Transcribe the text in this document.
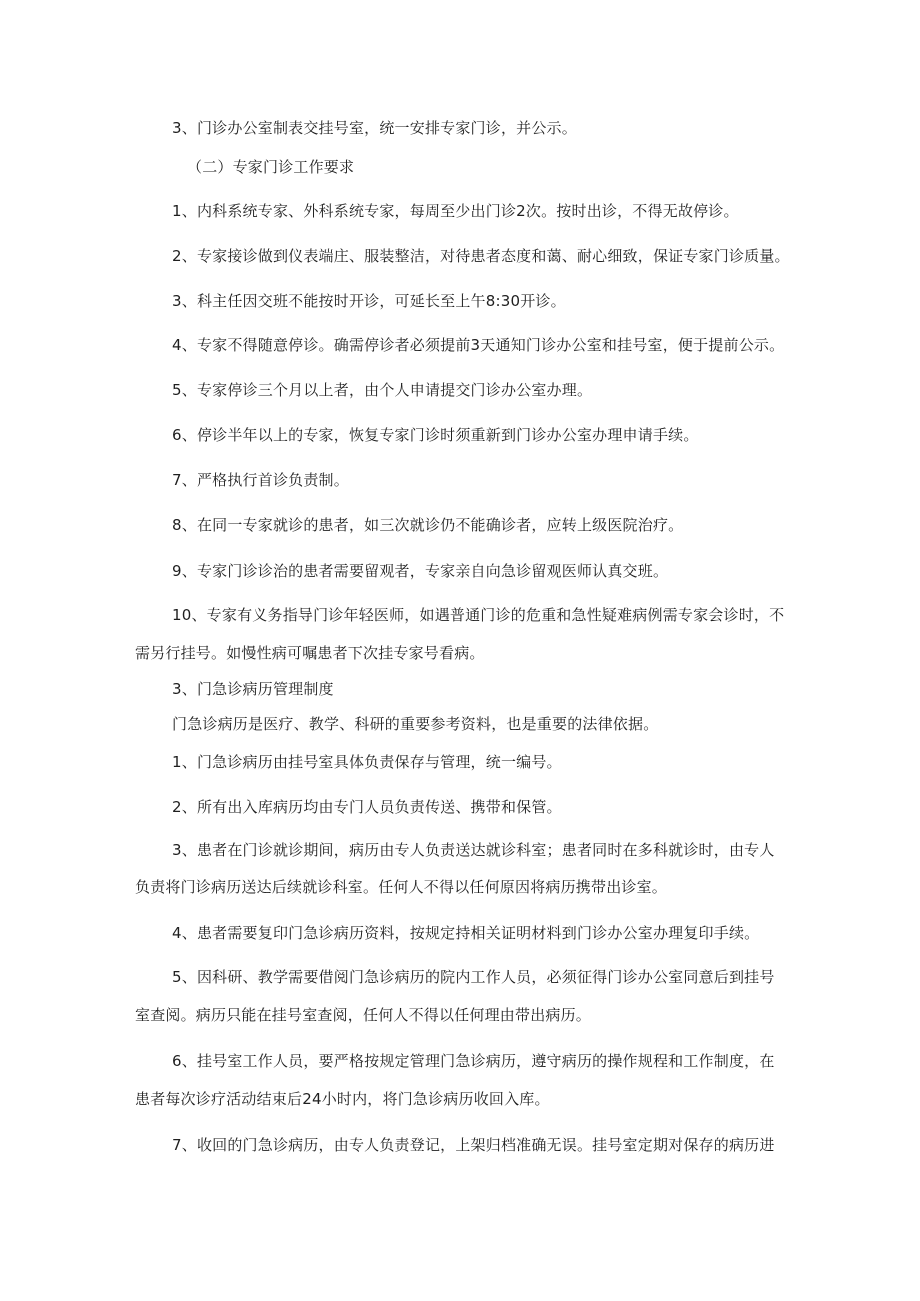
3、门诊办公室制表交挂号室，统一安排专家门诊，并公示。
（二）专家门诊工作要求
1、内科系统专家、外科系统专家，每周至少出门诊2次。按时出诊，不得无故停诊。
2、专家接诊做到仪表端庄、服装整洁，对待患者态度和蔼、耐心细致，保证专家门诊质量。
3、科主任因交班不能按时开诊，可延长至上午8:30开诊。
4、专家不得随意停诊。确需停诊者必须提前3天通知门诊办公室和挂号室，便于提前公示。
5、专家停诊三个月以上者，由个人申请提交门诊办公室办理。
6、停诊半年以上的专家，恢复专家门诊时须重新到门诊办公室办理申请手续。
7、严格执行首诊负责制。
8、在同一专家就诊的患者，如三次就诊仍不能确诊者，应转上级医院治疗。
9、专家门诊诊治的患者需要留观者，专家亲自向急诊留观医师认真交班。
10、专家有义务指导门诊年轻医师，如遇普通门诊的危重和急性疑难病例需专家会诊时，不
需另行挂号。如慢性病可嘱患者下次挂专家号看病。
3、门急诊病历管理制度
门急诊病历是医疗、教学、科研的重要参考资料，也是重要的法律依据。
1、门急诊病历由挂号室具体负责保存与管理，统一编号。
2、所有出入库病历均由专门人员负责传送、携带和保管。
3、患者在门诊就诊期间，病历由专人负责送达就诊科室；患者同时在多科就诊时，由专人
负责将门诊病历送达后续就诊科室。任何人不得以任何原因将病历携带出诊室。
4、患者需要复印门急诊病历资料，按规定持相关证明材料到门诊办公室办理复印手续。
5、因科研、教学需要借阅门急诊病历的院内工作人员，必须征得门诊办公室同意后到挂号
室查阅。病历只能在挂号室查阅，任何人不得以任何理由带出病历。
6、挂号室工作人员，要严格按规定管理门急诊病历，遵守病历的操作规程和工作制度，在
患者每次诊疗活动结束后24小时内，将门急诊病历收回入库。
7、收回的门急诊病历，由专人负责登记，上架归档准确无误。挂号室定期对保存的病历进
